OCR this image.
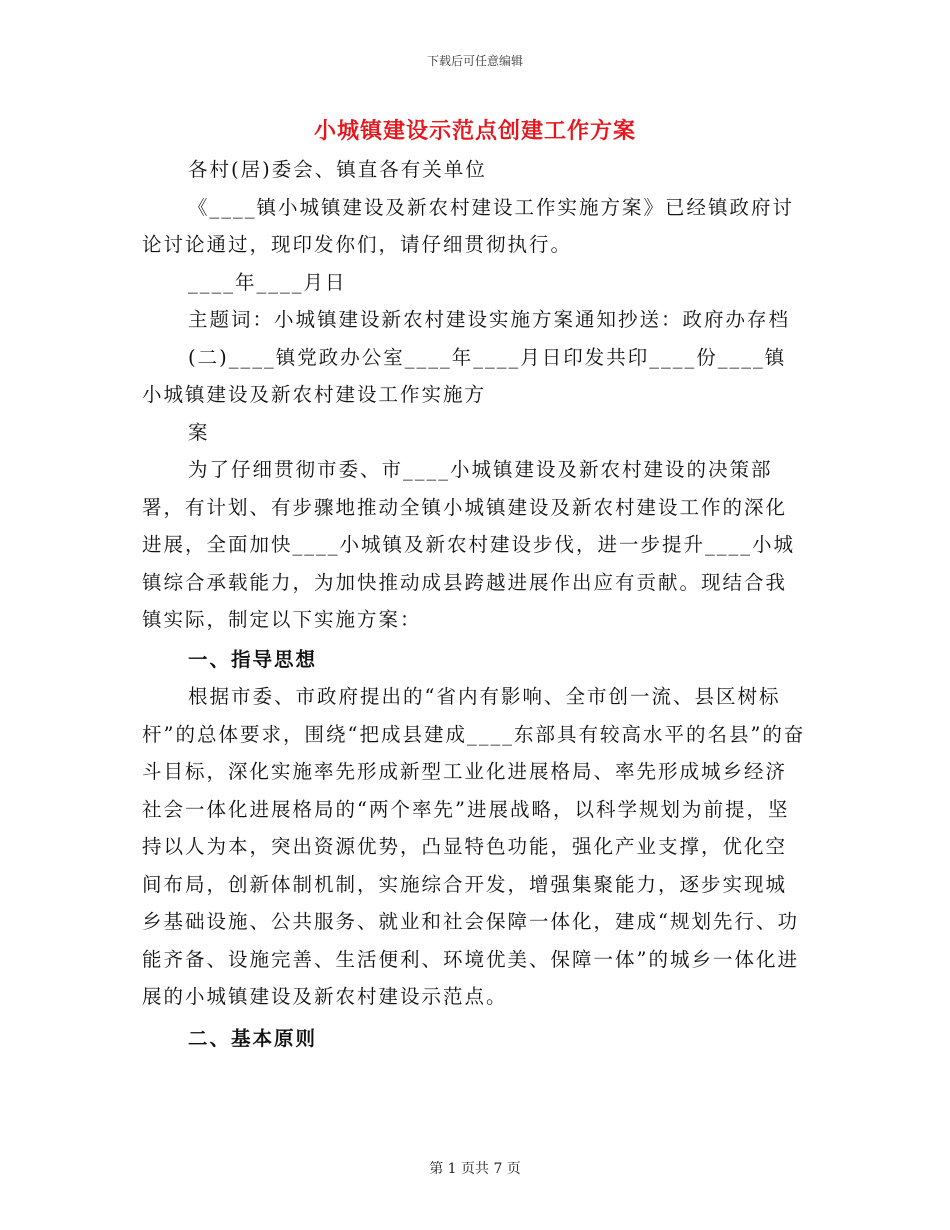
下载后可任意编辑
小城镇建设示范点创建工作方案

各村(居)委会、镇直各有关单位

《____镇小城镇建设及新农村建设工作实施方案》已经镇政府讨论讨论通过，现印发你们，请仔细贯彻执行。

____年____月日

主题词：小城镇建设新农村建设实施方案通知抄送：政府办存档

(二)____镇党政办公室____年____月日印发共印____份____镇小城镇建设及新农村建设工作实施方

案

为了仔细贯彻市委、市____小城镇建设及新农村建设的决策部署，有计划、有步骤地推动全镇小城镇建设及新农村建设工作的深化进展，全面加快____小城镇及新农村建设步伐，进一步提升____小城镇综合承载能力，为加快推动成县跨越进展作出应有贡献。现结合我镇实际，制定以下实施方案：

一、指导思想

根据市委、市政府提出的“省内有影响、全市创一流、县区树标杆”的总体要求，围绕“把成县建成____东部具有较高水平的名县”的奋斗目标，深化实施率先形成新型工业化进展格局、率先形成城乡经济社会一体化进展格局的“两个率先”进展战略，以科学规划为前提，坚持以人为本，突出资源优势，凸显特色功能，强化产业支撑，优化空间布局，创新体制机制，实施综合开发，增强集聚能力，逐步实现城乡基础设施、公共服务、就业和社会保障一体化，建成“规划先行、功能齐备、设施完善、生活便利、环境优美、保障一体”的城乡一体化进展的小城镇建设及新农村建设示范点。

二、基本原则

第 1 页共 7 页
